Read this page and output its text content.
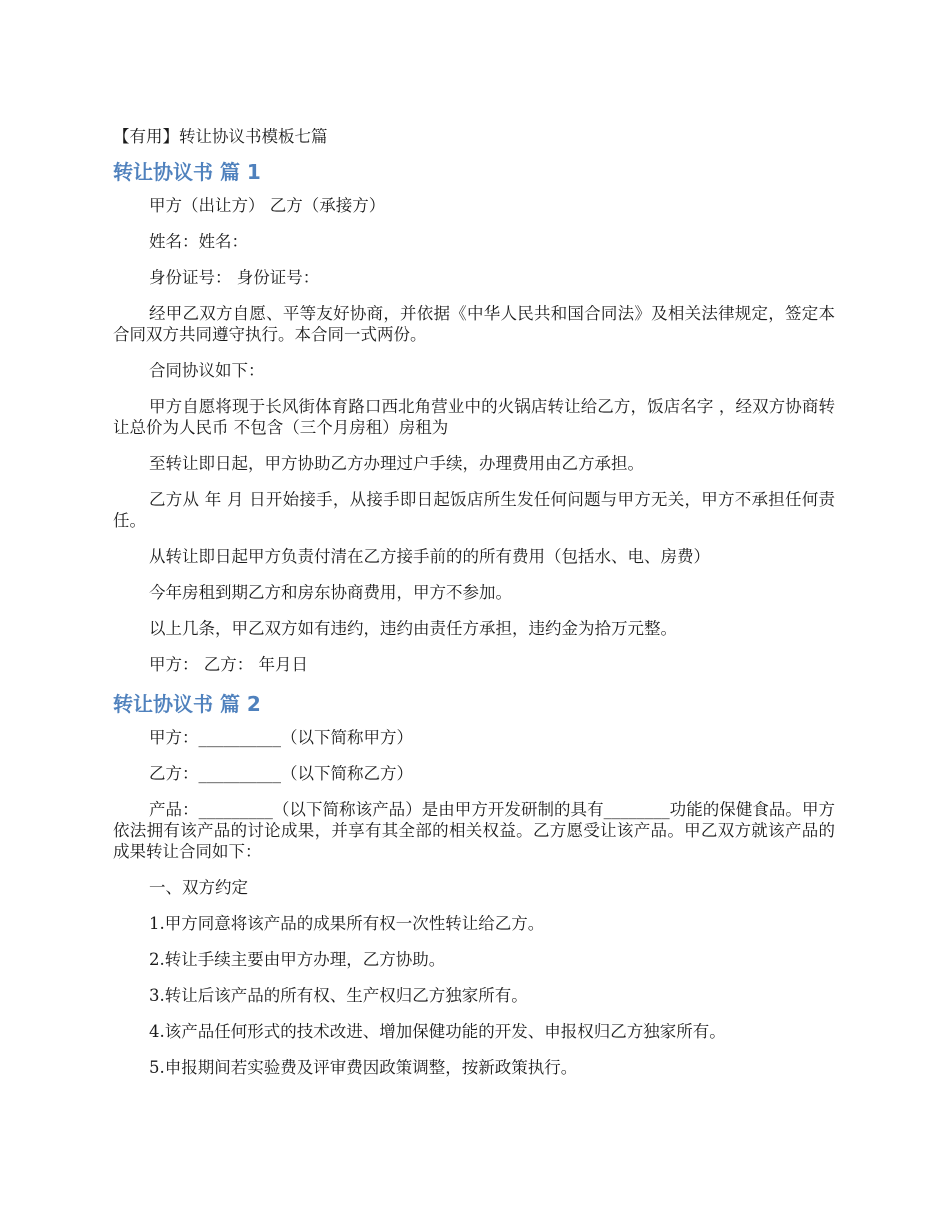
【有用】转让协议书模板七篇
转让协议书 篇 1

甲方（出让方） 乙方（承接方）

姓名：姓名：

身份证号： 身份证号：

经甲乙双方自愿、平等友好协商，并依据《中华人民共和国合同法》及相关法律规定，签定本合同双方共同遵守执行。本合同一式两份。

合同协议如下：

甲方自愿将现于长风街体育路口西北角营业中的火锅店转让给乙方，饭店名字 ，经双方协商转让总价为人民币 不包含（三个月房租）房租为

至转让即日起，甲方协助乙方办理过户手续，办理费用由乙方承担。

乙方从 年 月 日开始接手，从接手即日起饭店所生发任何问题与甲方无关，甲方不承担任何责任。

从转让即日起甲方负责付清在乙方接手前的的所有费用（包括水、电、房费）

今年房租到期乙方和房东协商费用，甲方不参加。

以上几条，甲乙双方如有违约，违约由责任方承担，违约金为拾万元整。

甲方： 乙方： 年月日

转让协议书 篇 2

甲方：__________（以下简称甲方）

乙方：__________（以下简称乙方）

产品：_________（以下简称该产品）是由甲方开发研制的具有________功能的保健食品。甲方依法拥有该产品的讨论成果，并享有其全部的相关权益。乙方愿受让该产品。甲乙双方就该产品的成果转让合同如下：

一、双方约定

1.甲方同意将该产品的成果所有权一次性转让给乙方。

2.转让手续主要由甲方办理，乙方协助。

3.转让后该产品的所有权、生产权归乙方独家所有。

4.该产品任何形式的技术改进、增加保健功能的开发、申报权归乙方独家所有。

5.申报期间若实验费及评审费因政策调整，按新政策执行。
